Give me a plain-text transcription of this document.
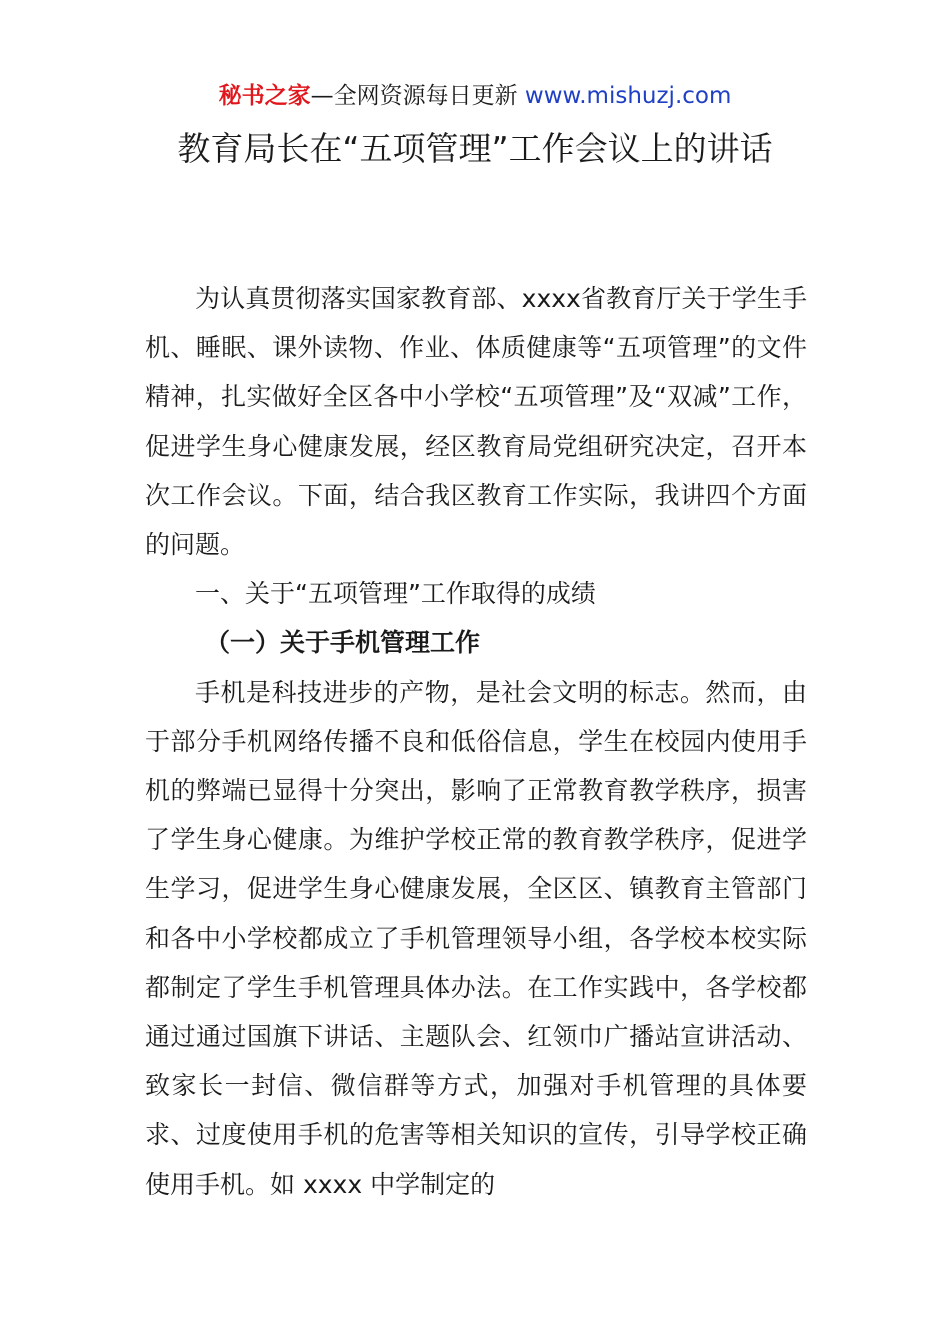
秘书之家—全网资源每日更新 www.mishuzj.com
教育局长在“五项管理”工作会议上的讲话

为认真贯彻落实国家教育部、xxxx省教育厅关于学生手机、睡眠、课外读物、作业、体质健康等“五项管理”的文件精神，扎实做好全区各中小学校“五项管理”及“双减”工作，促进学生身心健康发展，经区教育局党组研究决定，召开本次工作会议。下面，结合我区教育工作实际，我讲四个方面的问题。

一、关于“五项管理”工作取得的成绩

（一）关于手机管理工作

手机是科技进步的产物，是社会文明的标志。然而，由于部分手机网络传播不良和低俗信息，学生在校园内使用手机的弊端已显得十分突出，影响了正常教育教学秩序，损害了学生身心健康。为维护学校正常的教育教学秩序，促进学生学习，促进学生身心健康发展，全区区、镇教育主管部门和各中小学校都成立了手机管理领导小组，各学校本校实际都制定了学生手机管理具体办法。在工作实践中，各学校都通过通过国旗下讲话、主题队会、红领巾广播站宣讲活动、致家长一封信、微信群等方式，加强对手机管理的具体要求、过度使用手机的危害等相关知识的宣传，引导学校正确使用手机。如 xxxx 中学制定的
